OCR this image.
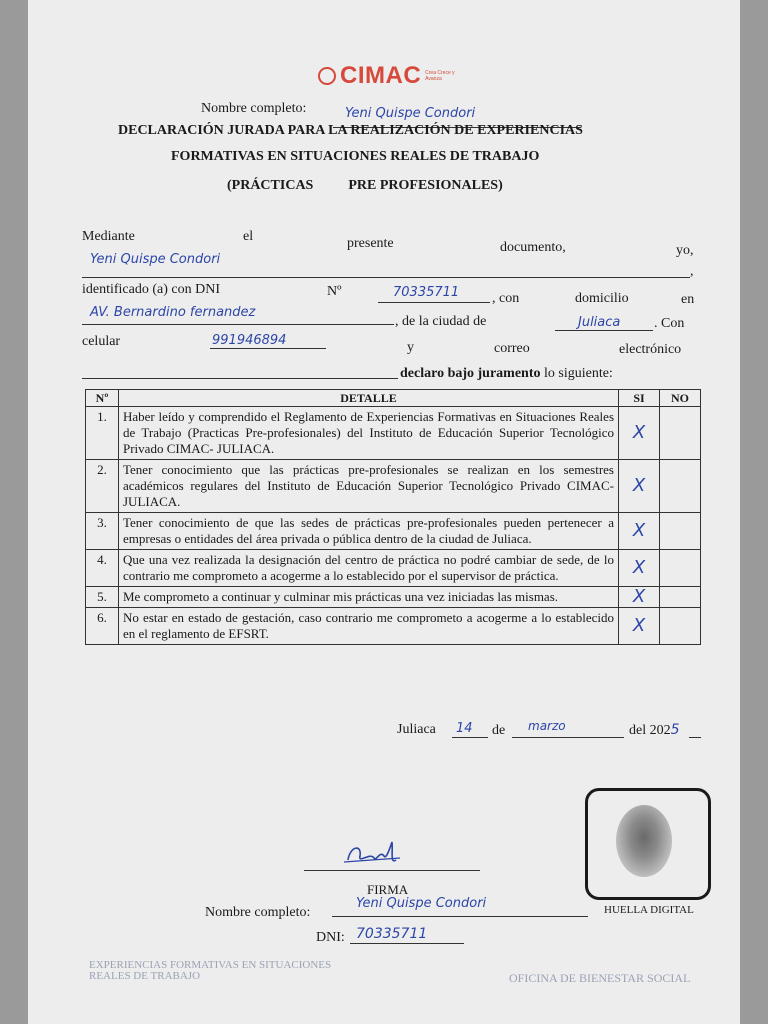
CIMAC Crea Crece y Avanza
Nombre completo:	Yeni Quispe Condori
DECLARACIÓN JURADA PARA LA REALIZACIÓN DE EXPERIENCIAS
FORMATIVAS EN SITUACIONES REALES DE TRABAJO
(PRÁCTICAS          PRE PROFESIONALES)
Mediante	el	presente	documento,	yo,
Yeni Quispe Condori
,
identificado (a) con DNI	Nº	70335711 , con	domicilio	en
AV. Bernardino fernandez
, de la ciudad de	Juliaca . Con
celular	991946894	y	correo	electrónico
declaro bajo juramento lo siguiente:
Nº	DETALLE	SI	NO
1.	Haber leído y comprendido el Reglamento de Experiencias Formativas en Situaciones Reales de Trabajo (Practicas Pre-profesionales) del Instituto de Educación Superior Tecnológico Privado CIMAC- JULIACA.	X	
2.	Tener conocimiento que las prácticas pre-profesionales se realizan en los semestres académicos regulares del Instituto de Educación Superior Tecnológico Privado CIMAC- JULIACA.	X	
3.	Tener conocimiento de que las sedes de prácticas pre-profesionales pueden pertenecer a empresas o entidades del área privada o pública dentro de la ciudad de Juliaca.	X	
4.	Que una vez realizada la designación del centro de práctica no podré cambiar de sede, de lo contrario me comprometo a acogerme a lo establecido por el supervisor de práctica.	X	
5.	Me comprometo a continuar y culminar mis prácticas una vez iniciadas las mismas.	X	
6.	No estar en estado de gestación, caso contrario me comprometo a acogerme a lo establecido en el reglamento de EFSRT.	X	
Juliaca 14 de marzo	del 2025
HUELLA DIGITAL
FIRMA
Nombre completo:
Yeni Quispe Condori
DNI: 70335711
EXPERIENCIAS FORMATIVAS EN SITUACIONES
REALES DE TRABAJO	OFICINA DE BIENESTAR SOCIAL
